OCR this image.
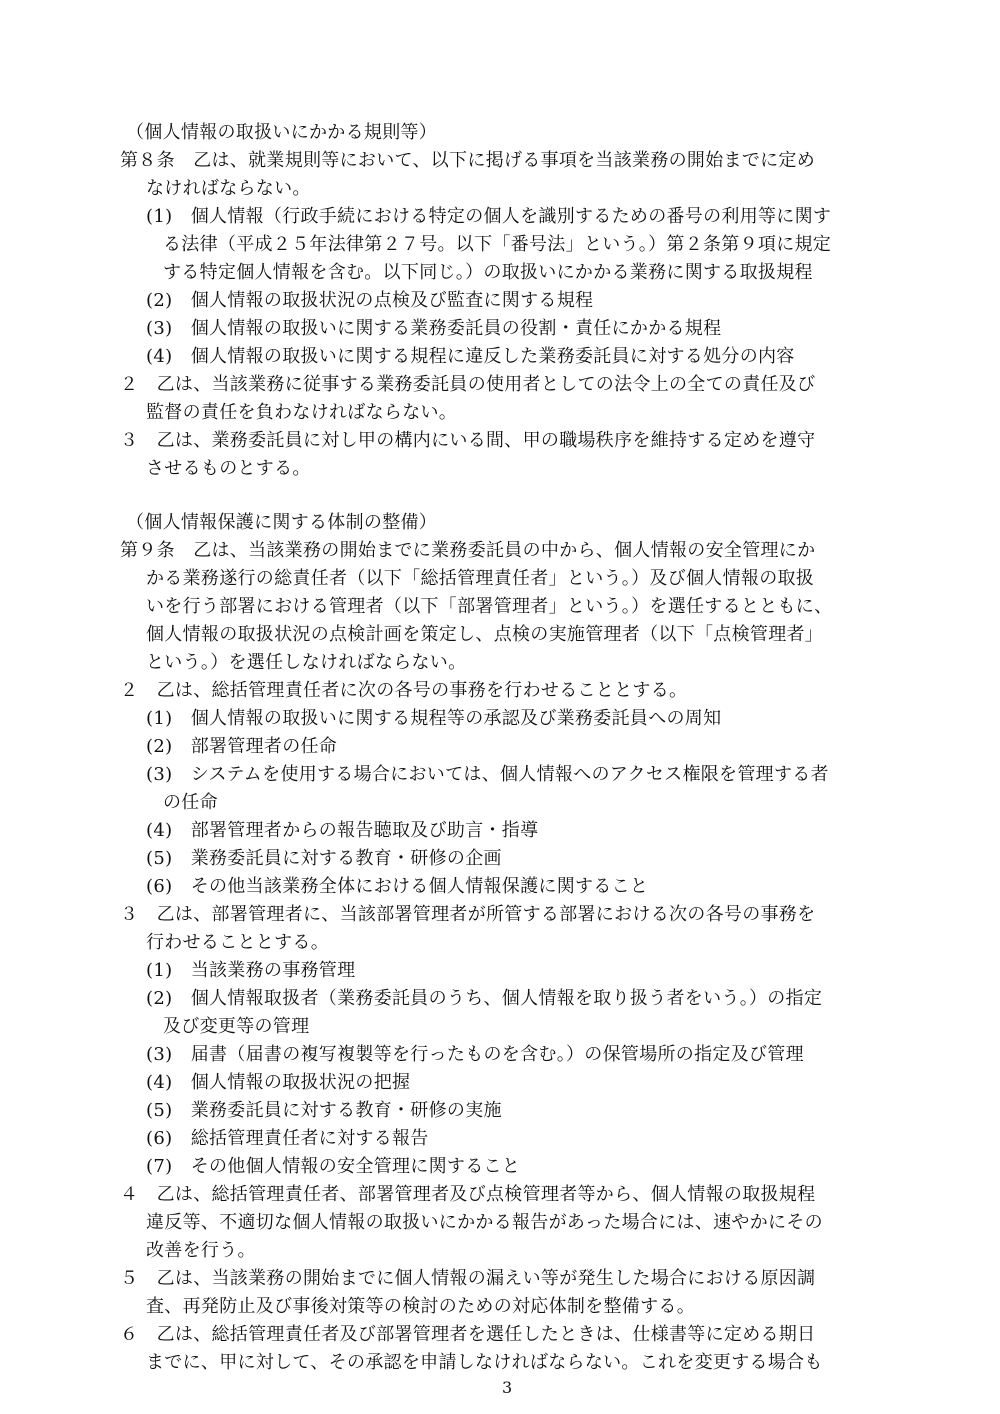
（個人情報の取扱いにかかる規則等）
第８条　乙は、就業規則等において、以下に掲げる事項を当該業務の開始までに定め
なければならない。
(1)　個人情報（行政手続における特定の個人を識別するための番号の利用等に関す
る法律（平成２５年法律第２７号。以下「番号法」という。）第２条第９項に規定
する特定個人情報を含む。以下同じ。）の取扱いにかかる業務に関する取扱規程
(2)　個人情報の取扱状況の点検及び監査に関する規程
(3)　個人情報の取扱いに関する業務委託員の役割・責任にかかる規程
(4)　個人情報の取扱いに関する規程に違反した業務委託員に対する処分の内容
２　乙は、当該業務に従事する業務委託員の使用者としての法令上の全ての責任及び
監督の責任を負わなければならない。
３　乙は、業務委託員に対し甲の構内にいる間、甲の職場秩序を維持する定めを遵守
させるものとする。
（個人情報保護に関する体制の整備）
第９条　乙は、当該業務の開始までに業務委託員の中から、個人情報の安全管理にか
かる業務遂行の総責任者（以下「総括管理責任者」という。）及び個人情報の取扱
いを行う部署における管理者（以下「部署管理者」という。）を選任するとともに、
個人情報の取扱状況の点検計画を策定し、点検の実施管理者（以下「点検管理者」
という。）を選任しなければならない。
２　乙は、総括管理責任者に次の各号の事務を行わせることとする。
(1)　個人情報の取扱いに関する規程等の承認及び業務委託員への周知
(2)　部署管理者の任命
(3)　システムを使用する場合においては、個人情報へのアクセス権限を管理する者
の任命
(4)　部署管理者からの報告聴取及び助言・指導
(5)　業務委託員に対する教育・研修の企画
(6)　その他当該業務全体における個人情報保護に関すること
３　乙は、部署管理者に、当該部署管理者が所管する部署における次の各号の事務を
行わせることとする。
(1)　当該業務の事務管理
(2)　個人情報取扱者（業務委託員のうち、個人情報を取り扱う者をいう。）の指定
及び変更等の管理
(3)　届書（届書の複写複製等を行ったものを含む。）の保管場所の指定及び管理
(4)　個人情報の取扱状況の把握
(5)　業務委託員に対する教育・研修の実施
(6)　総括管理責任者に対する報告
(7)　その他個人情報の安全管理に関すること
４　乙は、総括管理責任者、部署管理者及び点検管理者等から、個人情報の取扱規程
違反等、不適切な個人情報の取扱いにかかる報告があった場合には、速やかにその
改善を行う。
５　乙は、当該業務の開始までに個人情報の漏えい等が発生した場合における原因調
査、再発防止及び事後対策等の検討のための対応体制を整備する。
６　乙は、総括管理責任者及び部署管理者を選任したときは、仕様書等に定める期日
までに、甲に対して、その承認を申請しなければならない。これを変更する場合も
3
